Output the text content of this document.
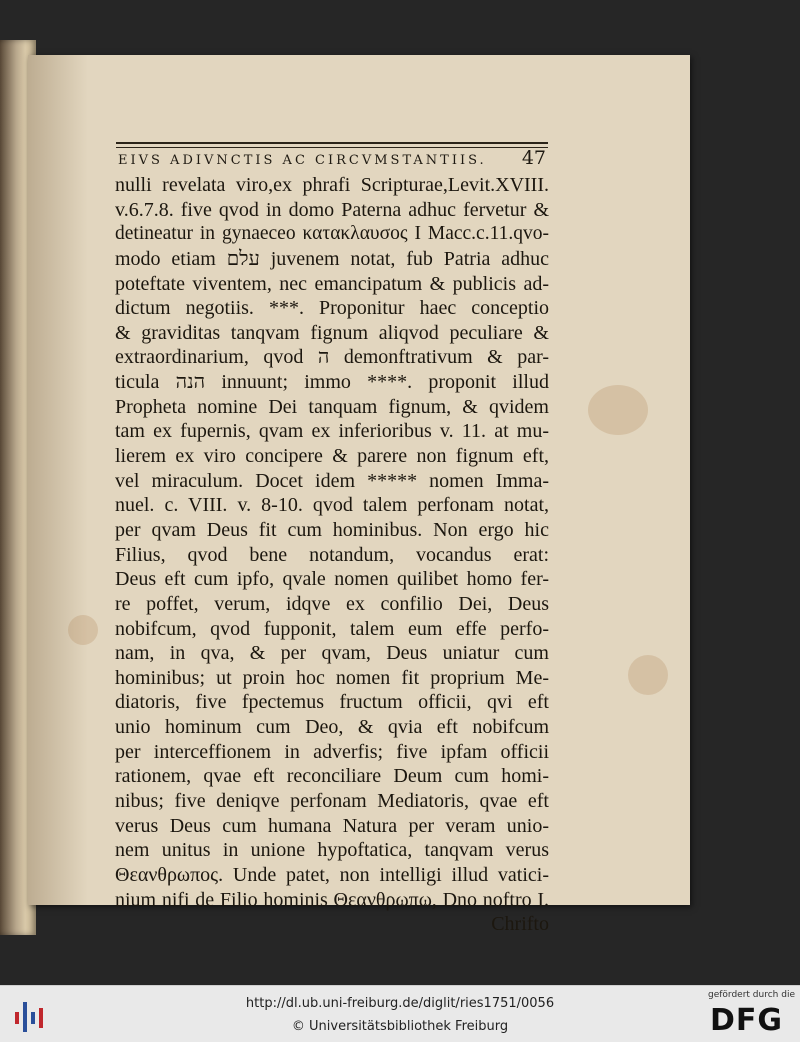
EIVS ADIVNCTIS AC CIRCVMSTANTIIS. 47
nulli revelata viro,ex phrafi Scripturae,Levit.XVIII.
v.6.7.8. five qvod in domo Paterna adhuc fervetur &
detineatur in gynaeceo κατακλαυσος I Macc.c.11.qvo-
modo etiam עלם juvenem notat, fub Patria adhuc
poteftate viventem, nec emancipatum & publicis ad-
dictum negotiis. ***. Proponitur haec conceptio
& graviditas tanqvam fignum aliqvod peculiare &
extraordinarium, qvod ה demonftrativum & par-
ticula הנה innuunt; immo ****. proponit illud
Propheta nomine Dei tanquam fignum, & qvidem
tam ex fupernis, qvam ex inferioribus v. 11. at mu-
lierem ex viro concipere & parere non fignum eft,
vel miraculum. Docet idem ***** nomen Imma-
nuel. c. VIII. v. 8-10. qvod talem perfonam notat,
per qvam Deus fit cum hominibus. Non ergo hic
Filius, qvod bene notandum, vocandus erat:
Deus eft cum ipfo, qvale nomen quilibet homo fer-
re poffet, verum, idqve ex confilio Dei, Deus
nobifcum, qvod fupponit, talem eum effe perfo-
nam, in qva, & per qvam, Deus uniatur cum
hominibus; ut proin hoc nomen fit proprium Me-
diatoris, five fpectemus fructum officii, qvi eft
unio hominum cum Deo, & qvia eft nobifcum
per interceffionem in adverfis; five ipfam officii
rationem, qvae eft reconciliare Deum cum homi-
nibus; five deniqve perfonam Mediatoris, qvae eft
verus Deus cum humana Natura per veram unio-
nem unitus in unione hypoftatica, tanqvam verus
Θεανθρωπος. Unde patet, non intelligi illud vatici-
nium nifi de Filio hominis Θεανθρωπω, Dno noftro I.
Chrifto
http://dl.ub.uni-freiburg.de/diglit/ries1751/0056
© Universitätsbibliothek Freiburg
gefördert durch die
DFG
